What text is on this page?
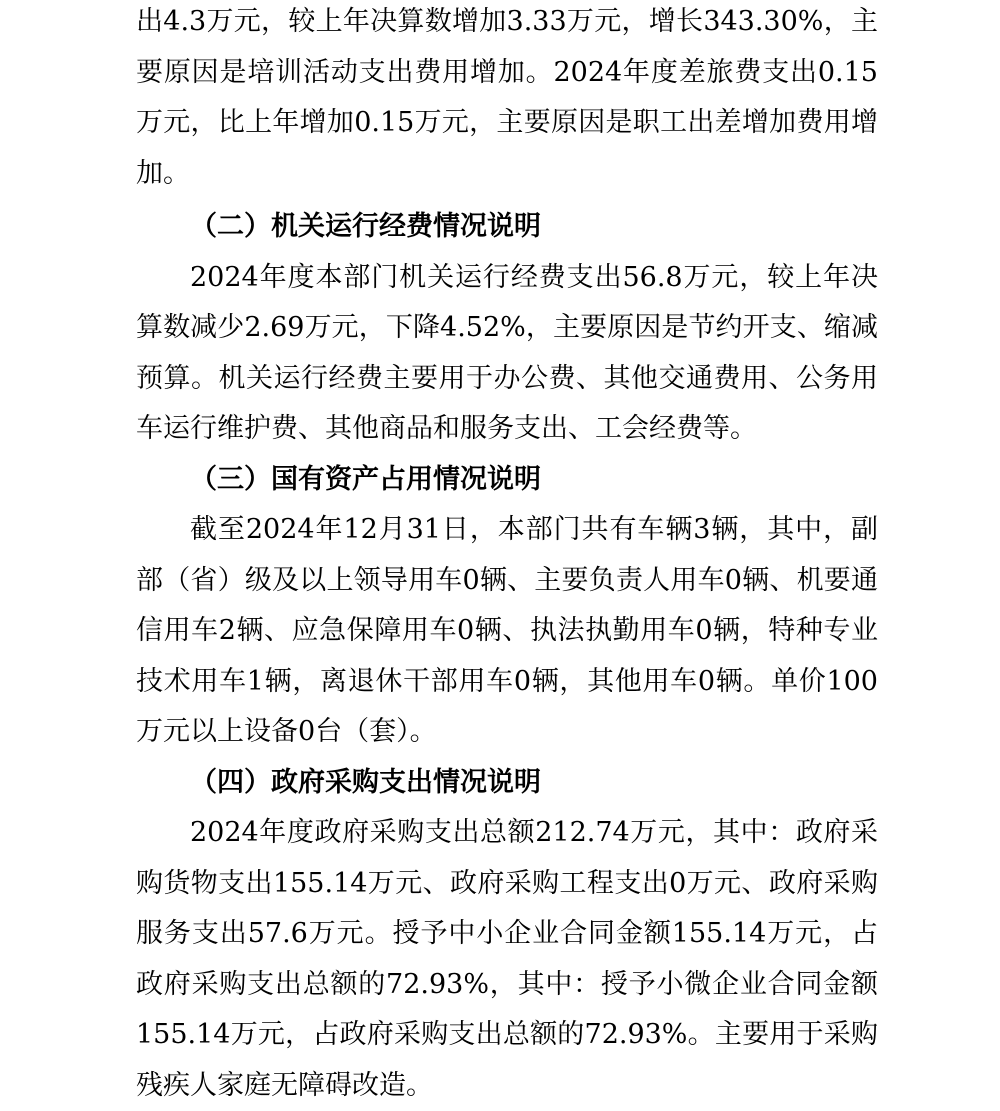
出4.3万元，较上年决算数增加3.33万元，增长343.30%，主要原因是培训活动支出费用增加。2024年度差旅费支出0.15万元，比上年增加0.15万元，主要原因是职工出差增加费用增加。

（二）机关运行经费情况说明

2024年度本部门机关运行经费支出56.8万元，较上年决算数减少2.69万元，下降4.52%，主要原因是节约开支、缩减预算。机关运行经费主要用于办公费、其他交通费用、公务用车运行维护费、其他商品和服务支出、工会经费等。

（三）国有资产占用情况说明

截至2024年12月31日，本部门共有车辆3辆，其中，副部（省）级及以上领导用车0辆、主要负责人用车0辆、机要通信用车2辆、应急保障用车0辆、执法执勤用车0辆，特种专业技术用车1辆，离退休干部用车0辆，其他用车0辆。单价100万元以上设备0台（套）。

（四）政府采购支出情况说明

2024年度政府采购支出总额212.74万元，其中：政府采购货物支出155.14万元、政府采购工程支出0万元、政府采购服务支出57.6万元。授予中小企业合同金额155.14万元，占政府采购支出总额的72.93%，其中：授予小微企业合同金额155.14万元，占政府采购支出总额的72.93%。主要用于采购残疾人家庭无障碍改造。
